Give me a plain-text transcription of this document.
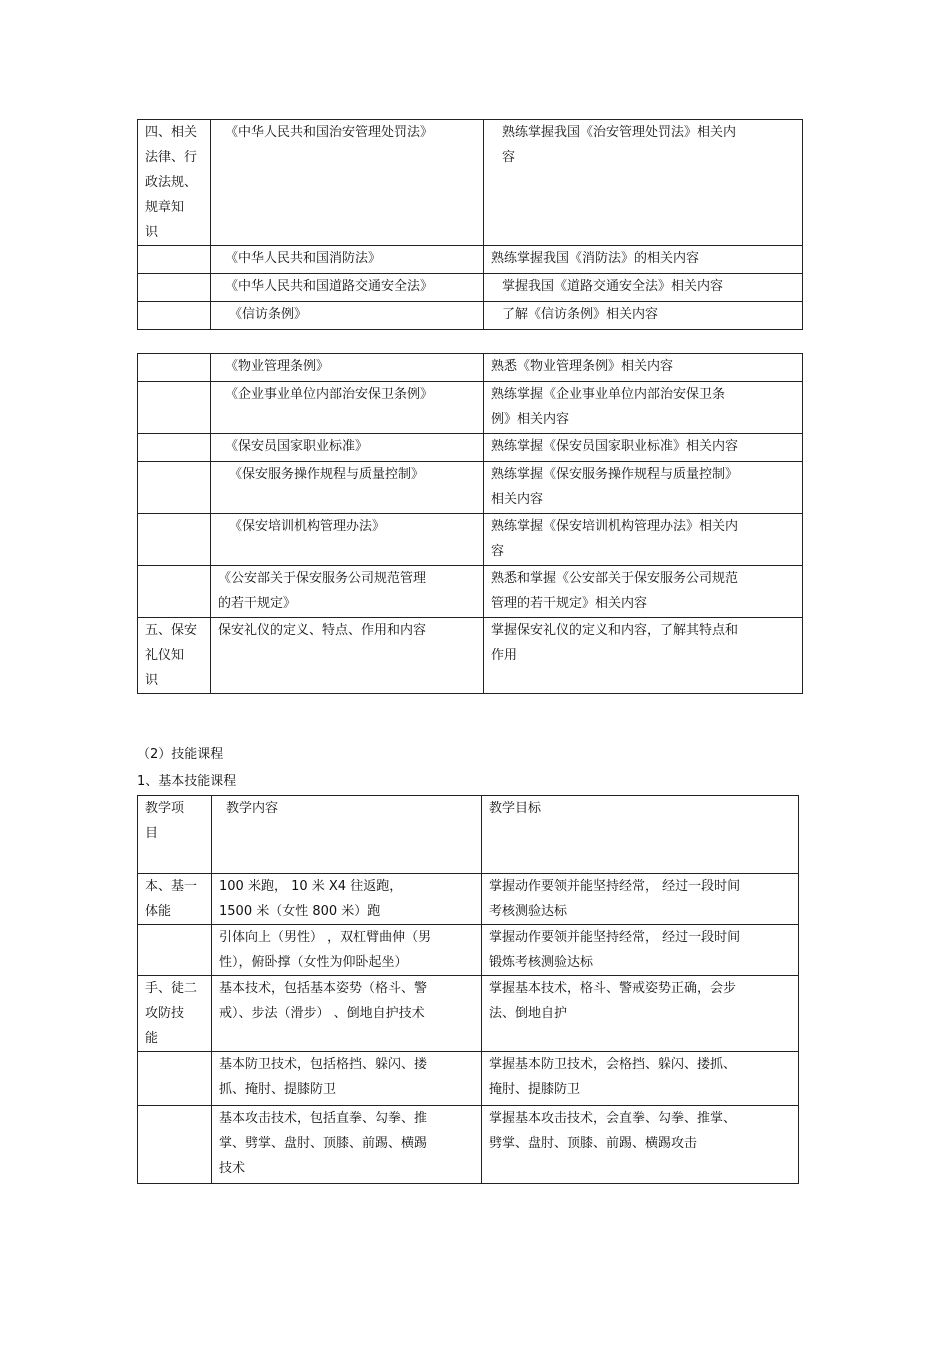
四、相关
法律、行
政法规、
规章知
识	《中华人民共和国治安管理处罚法》	熟练掌握我国《治安管理处罚法》相关内
容

	《中华人民共和国消防法》	熟练掌握我国《消防法》的相关内容

	《中华人民共和国道路交通安全法》	掌握我国《道路交通安全法》相关内容

	《信访条例》	了解《信访条例》相关内容

	《物业管理条例》	熟悉《物业管理条例》相关内容

	《企业事业单位内部治安保卫条例》	熟练掌握《企业事业单位内部治安保卫条
例》相关内容

	《保安员国家职业标准》	熟练掌握《保安员国家职业标准》相关内容

	《保安服务操作规程与质量控制》	熟练掌握《保安服务操作规程与质量控制》
相关内容

	《保安培训机构管理办法》	熟练掌握《保安培训机构管理办法》相关内
容

	《公安部关于保安服务公司规范管理
的若干规定》	熟悉和掌握《公安部关于保安服务公司规范
管理的若干规定》相关内容

五、保安
礼仪知
识	保安礼仪的定义、特点、作用和内容	掌握保安礼仪的定义和内容，了解其特点和
作用
（2）技能课程
1、基本技能课程
教学项
目	教学内容	教学目标

本、基一
体能	100 米跑， 10 米 X4 往返跑，
1500 米（女性 800 米）跑	掌握动作要领并能坚持经常， 经过一段时间
考核测验达标

	引体向上（男性） ，双杠臂曲伸（男
性），俯卧撑（女性为仰卧起坐）	掌握动作要领并能坚持经常， 经过一段时间
锻炼考核测验达标

手、徒二
攻防技
能	基本技术，包括基本姿势（格斗、警
戒）、步法（滑步） 、倒地自护技术	掌握基本技术，格斗、警戒姿势正确，会步
法、倒地自护

	基本防卫技术，包括格挡、躲闪、搂
抓、掩肘、提膝防卫	掌握基本防卫技术，会格挡、躲闪、搂抓、
掩肘、提膝防卫

	基本攻击技术，包括直拳、勾拳、推
掌、劈掌、盘肘、顶膝、前踢、横踢
技术	掌握基本攻击技术，会直拳、勾拳、推掌、
劈掌、盘肘、顶膝、前踢、横踢攻击
